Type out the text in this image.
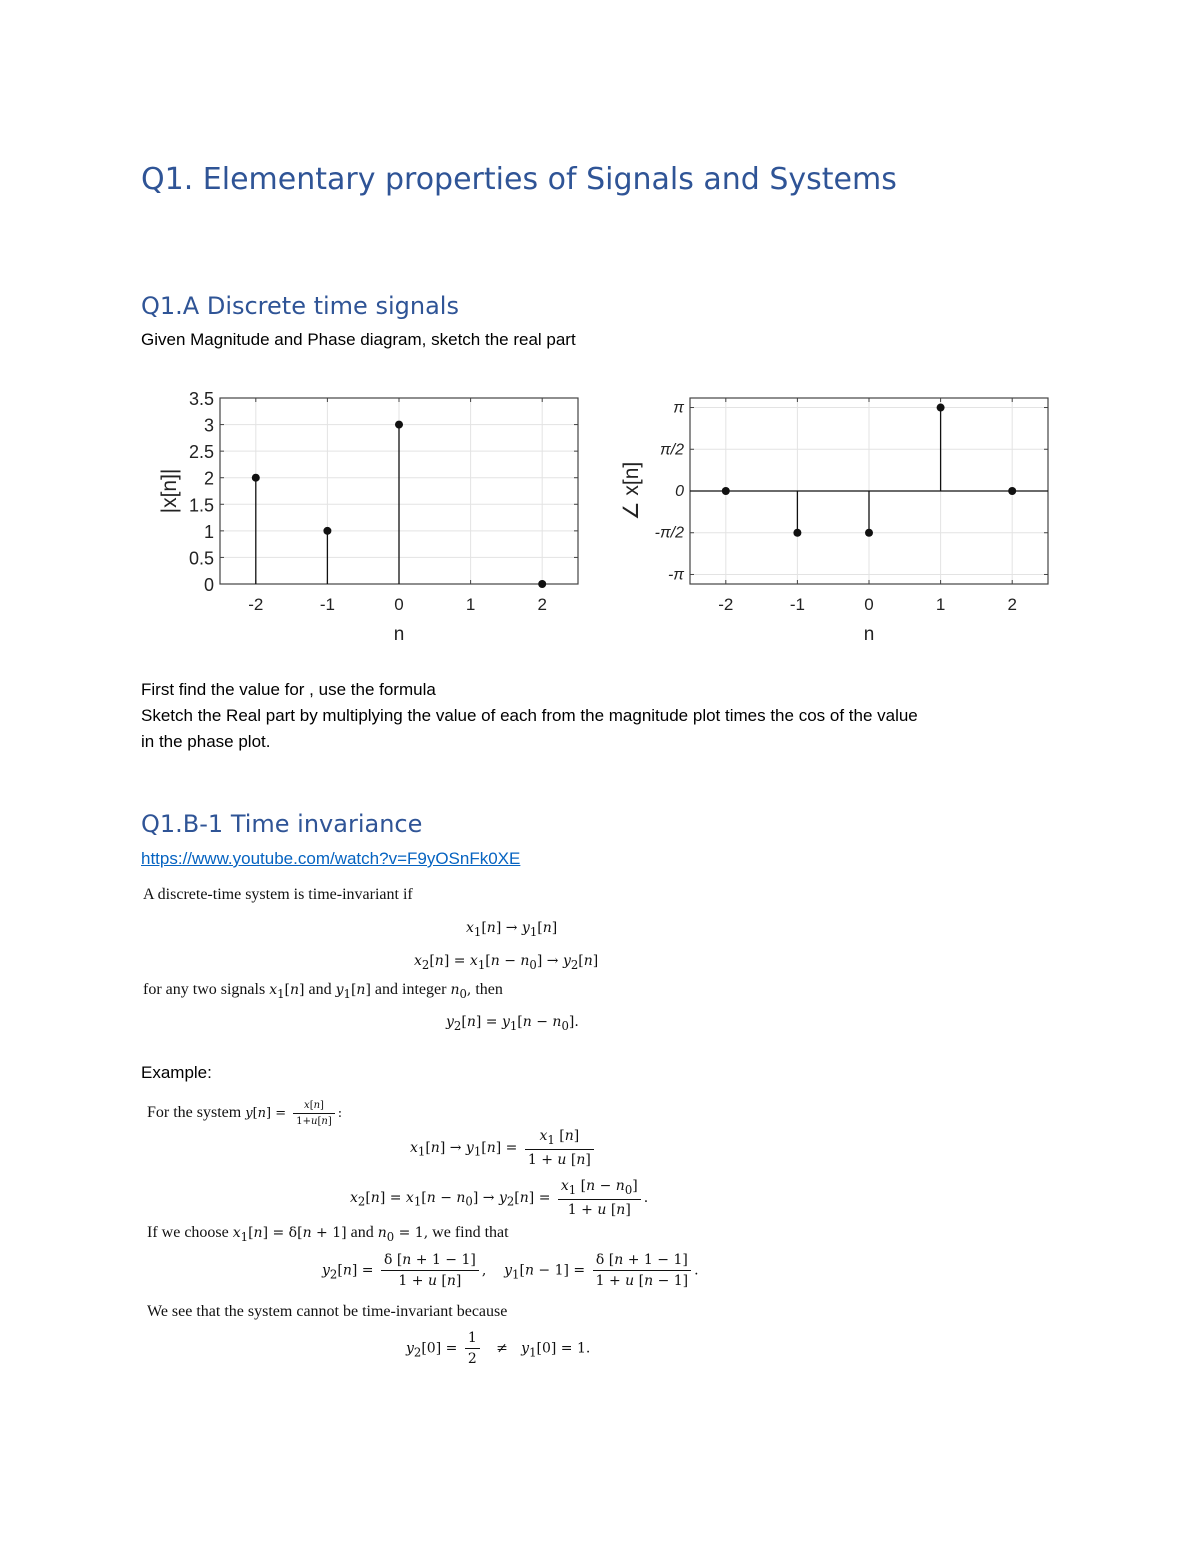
Q1. Elementary properties of Signals and Systems
Q1.A Discrete time signals
Given Magnitude and Phase diagram, sketch the real part
-2	-1	0	1	2
0
0.5
1
1.5
2
2.5
3
3.5
n
|x[n]|
-2	-1	0	1	2
-π
-π/2
0
π/2
π
n
∠ x[n]
First find the value for , use the formula
Sketch the Real part by multiplying the value of each from the magnitude plot times the cos of the value
in the phase plot.
Q1.B-1 Time invariance
https://www.youtube.com/watch?v=F9yOSnFk0XE
A discrete-time system is time-invariant if
$x_1[n] \to y_1[n]$
$x_2[n] = x_1[n - n_0] \to y_2[n]$
for any two signals $x_1[n]$ and $y_1[n]$ and integer $n_0$, then
$y_2[n] = y_1[n - n_0]$.
Example:
For the system $y[n] = \frac{x[n]}{1+u[n]}$ :
$x_1[n] \to y_1[n] = \frac{x_1 [n]}{1 + u [n]}$
$x_2[n] = x_1[n - n_0] \to y_2[n] = \frac{x_1 [n - n_0]}{1 + u [n]}$ .
If we choose $x_1[n] = \delta[n + 1]$ and $n_0 = 1$, we find that
$y_2[n] = \frac{\delta [n + 1 - 1]}{1 + u [n]}$ ,    $y_1[n - 1] = \frac{\delta [n + 1 - 1]}{1 + u [n - 1]}$ .
We see that the system cannot be time-invariant because
$y_2[0] = \frac{1}{2} \ne y_1[0] = 1$.
